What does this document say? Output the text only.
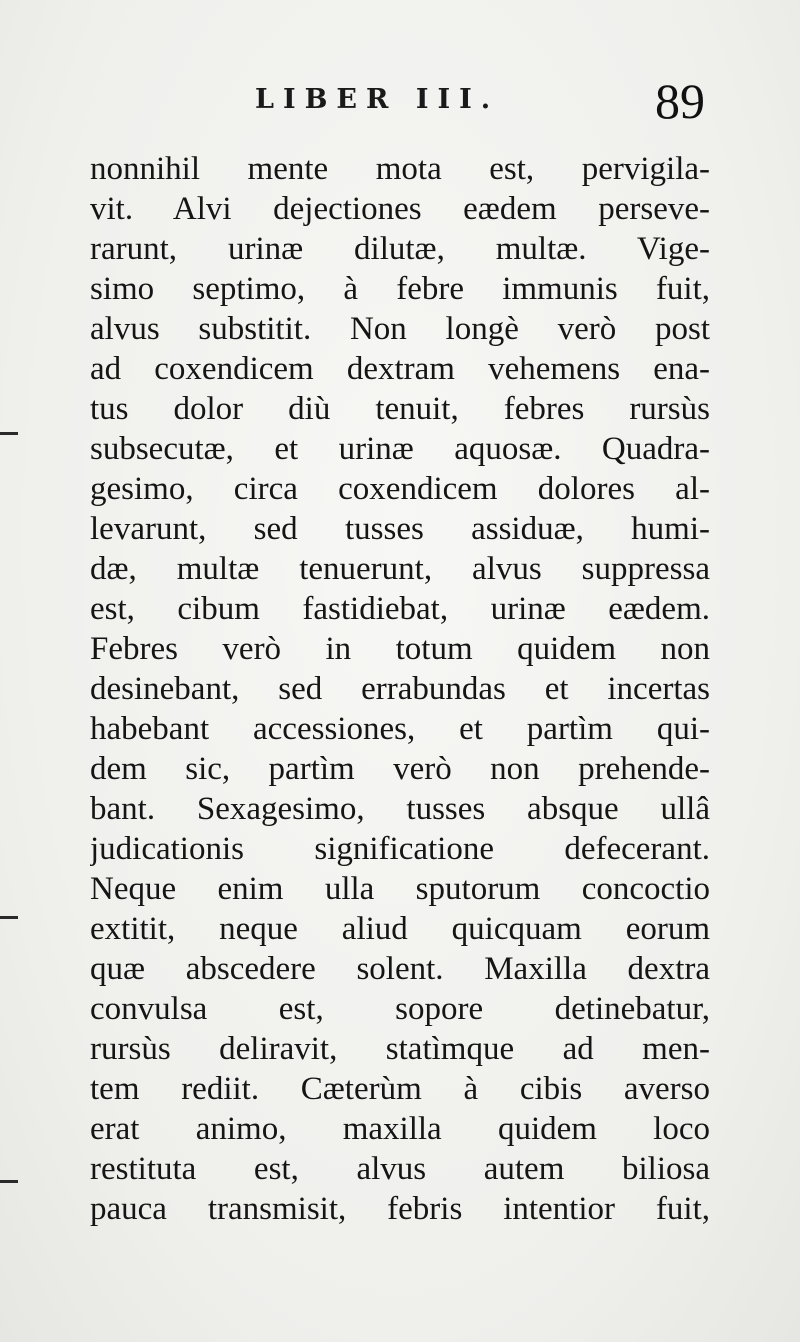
LIBER III.	89
nonnihil mente mota est, pervigila-
vit. Alvi dejectiones eædem perseve-
rarunt, urinæ dilutæ, multæ. Vige-
simo septimo, à febre immunis fuit,
alvus substitit. Non longè verò post
ad coxendicem dextram vehemens ena-
tus dolor diù tenuit, febres rursùs
subsecutæ, et urinæ aquosæ. Quadra-
gesimo, circa coxendicem dolores al-
levarunt, sed tusses assiduæ, humi-
dæ, multæ tenuerunt, alvus suppressa
est, cibum fastidiebat, urinæ eædem.
Febres verò in totum quidem non
desinebant, sed errabundas et incertas
habebant accessiones, et partìm qui-
dem sic, partìm verò non prehende-
bant. Sexagesimo, tusses absque ullâ
judicationis significatione defecerant.
Neque enim ulla sputorum concoctio
extitit, neque aliud quicquam eorum
quæ abscedere solent. Maxilla dextra
convulsa est, sopore detinebatur,
rursùs deliravit, statìmque ad men-
tem rediit. Cæterùm à cibis averso
erat animo, maxilla quidem loco
restituta est, alvus autem biliosa
pauca transmisit, febris intentior fuit,
